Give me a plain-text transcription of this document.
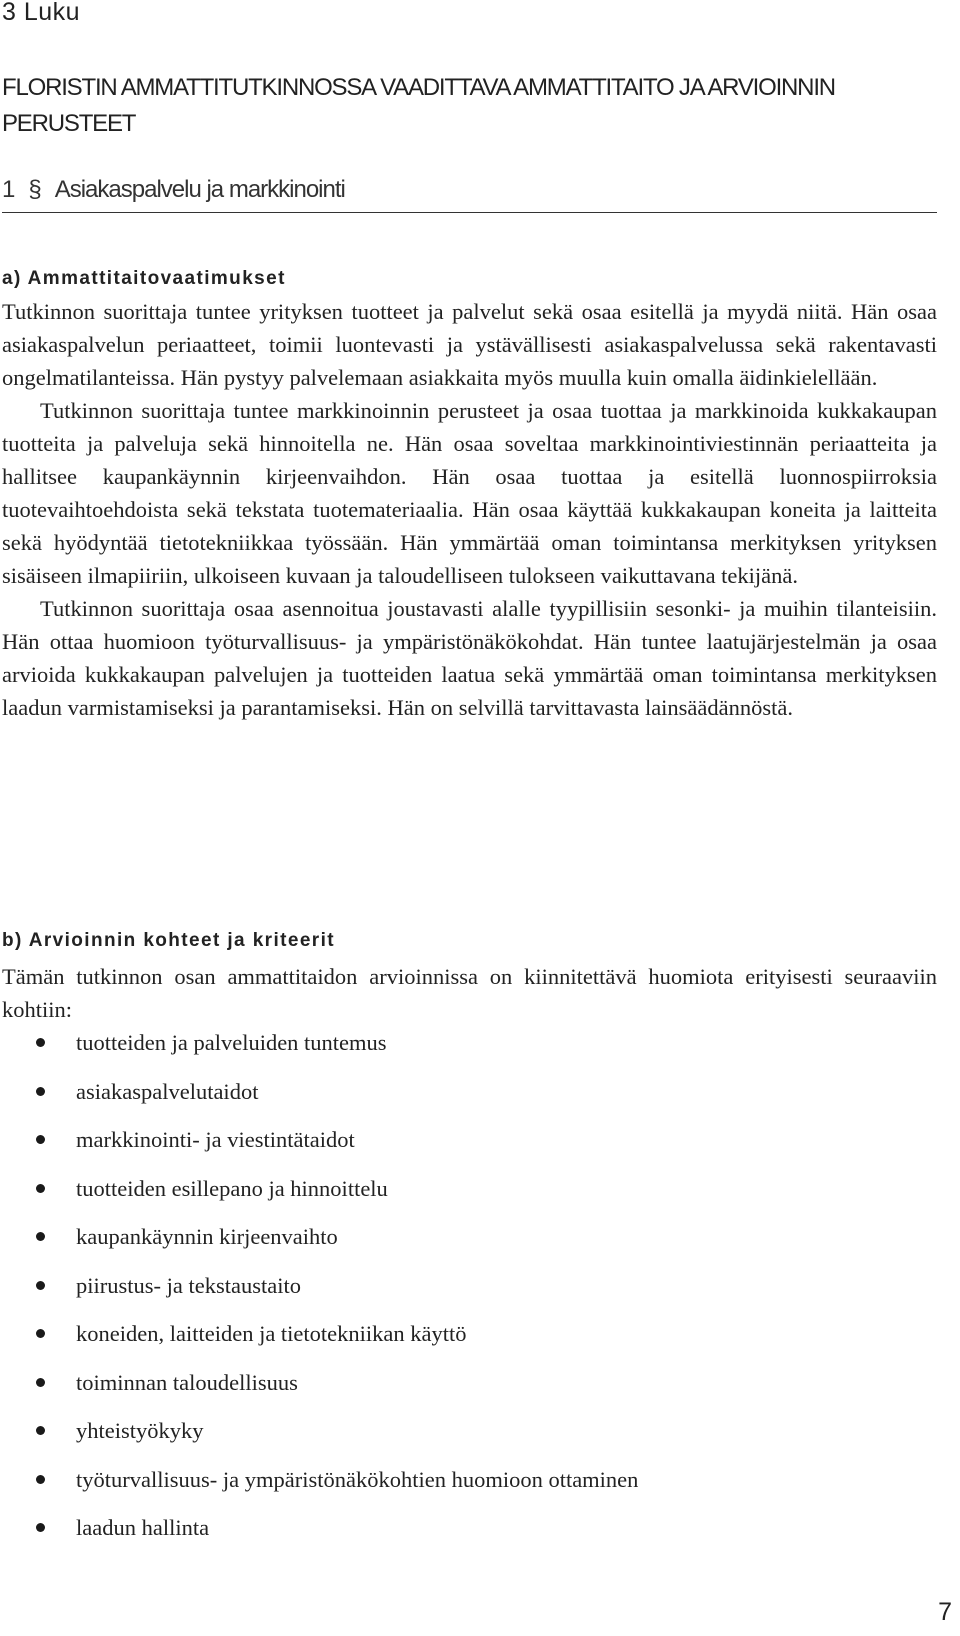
3 Luku
FLORISTIN AMMATTITUTKINNOSSA VAADITTAVA AMMATTITAITO JA ARVIOINNIN PERUSTEET
1 § Asiakaspalvelu ja markkinointi
a) Ammattitaitovaatimukset

Tutkinnon suorittaja tuntee yrityksen tuotteet ja palvelut sekä osaa esitellä ja myydä niitä. Hän osaa asiakaspalvelun periaatteet, toimii luontevasti ja ystävällisesti asiakaspalvelussa sekä rakentavasti ongelmatilanteissa. Hän pystyy palvelemaan asiakkaita myös muulla kuin omalla äidinkielellään.

Tutkinnon suorittaja tuntee markkinoinnin perusteet ja osaa tuottaa ja markkinoida kukkakaupan tuotteita ja palveluja sekä hinnoitella ne. Hän osaa soveltaa markkinointiviestinnän periaatteita ja hallitsee kaupankäynnin kirjeenvaihdon. Hän osaa tuottaa ja esitellä luonnospiirroksia tuotevaihtoehdoista sekä tekstata tuotemateriaalia. Hän osaa käyttää kukkakaupan koneita ja laitteita sekä hyödyntää tietotekniikkaa työssään. Hän ymmärtää oman toimintansa merkityksen yrityksen sisäiseen ilmapiiriin, ulkoiseen kuvaan ja taloudelliseen tulokseen vaikuttavana tekijänä.

Tutkinnon suorittaja osaa asennoitua joustavasti alalle tyypillisiin sesonki- ja muihin tilanteisiin. Hän ottaa huomioon työturvallisuus- ja ympäristönäkökohdat. Hän tuntee laatujärjestelmän ja osaa arvioida kukkakaupan palvelujen ja tuotteiden laatua sekä ymmärtää oman toimintansa merkityksen laadun varmistamiseksi ja parantamiseksi. Hän on selvillä tarvittavasta lainsäädännöstä.

b) Arvioinnin kohteet ja kriteerit

Tämän tutkinnon osan ammattitaidon arvioinnissa on kiinnitettävä huomiota erityisesti seuraaviin kohtiin:

tuotteiden ja palveluiden tuntemus
asiakaspalvelutaidot
markkinointi- ja viestintätaidot
tuotteiden esillepano ja hinnoittelu
kaupankäynnin kirjeenvaihto
piirustus- ja tekstaustaito
koneiden, laitteiden ja tietotekniikan käyttö
toiminnan taloudellisuus
yhteistyökyky
työturvallisuus- ja ympäristönäkökohtien huomioon ottaminen
laadun hallinta
7
